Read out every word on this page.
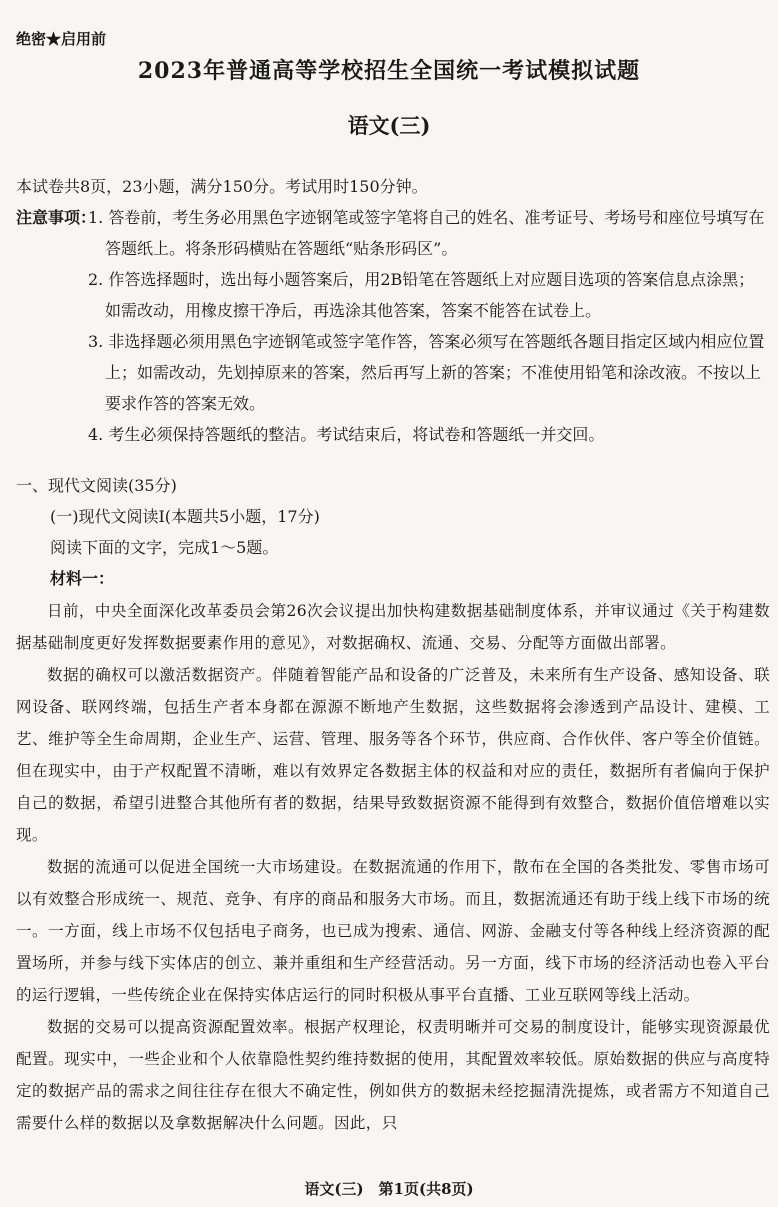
绝密★启用前
2023年普通高等学校招生全国统一考试模拟试题
语文(三)
本试卷共8页，23小题，满分150分。考试用时150分钟。
注意事项：
1. 答卷前，考生务必用黑色字迹钢笔或签字笔将自己的姓名、准考证号、考场号和座位号填写在答题纸上。将条形码横贴在答题纸“贴条形码区”。
2. 作答选择题时，选出每小题答案后，用2B铅笔在答题纸上对应题目选项的答案信息点涂黑；如需改动，用橡皮擦干净后，再选涂其他答案，答案不能答在试卷上。
3. 非选择题必须用黑色字迹钢笔或签字笔作答，答案必须写在答题纸各题目指定区域内相应位置上；如需改动，先划掉原来的答案，然后再写上新的答案；不准使用铅笔和涂改液。不按以上要求作答的答案无效。
4. 考生必须保持答题纸的整洁。考试结束后，将试卷和答题纸一并交回。
一、现代文阅读(35分)
(一)现代文阅读Ⅰ(本题共5小题，17分)
阅读下面的文字，完成1～5题。
材料一：

日前，中央全面深化改革委员会第26次会议提出加快构建数据基础制度体系，并审议通过《关于构建数据基础制度更好发挥数据要素作用的意见》，对数据确权、流通、交易、分配等方面做出部署。

数据的确权可以激活数据资产。伴随着智能产品和设备的广泛普及，未来所有生产设备、感知设备、联网设备、联网终端，包括生产者本身都在源源不断地产生数据，这些数据将会渗透到产品设计、建模、工艺、维护等全生命周期，企业生产、运营、管理、服务等各个环节，供应商、合作伙伴、客户等全价值链。但在现实中，由于产权配置不清晰，难以有效界定各数据主体的权益和对应的责任，数据所有者偏向于保护自己的数据，希望引进整合其他所有者的数据，结果导致数据资源不能得到有效整合，数据价值倍增难以实现。

数据的流通可以促进全国统一大市场建设。在数据流通的作用下，散布在全国的各类批发、零售市场可以有效整合形成统一、规范、竞争、有序的商品和服务大市场。而且，数据流通还有助于线上线下市场的统一。一方面，线上市场不仅包括电子商务，也已成为搜索、通信、网游、金融支付等各种线上经济资源的配置场所，并参与线下实体店的创立、兼并重组和生产经营活动。另一方面，线下市场的经济活动也卷入平台的运行逻辑，一些传统企业在保持实体店运行的同时积极从事平台直播、工业互联网等线上活动。

数据的交易可以提高资源配置效率。根据产权理论，权责明晰并可交易的制度设计，能够实现资源最优配置。现实中，一些企业和个人依靠隐性契约维持数据的使用，其配置效率较低。原始数据的供应与高度特定的数据产品的需求之间往往存在很大不确定性，例如供方的数据未经挖掘清洗提炼，或者需方不知道自己需要什么样的数据以及拿数据解决什么问题。因此，只

语文(三)　第1页(共8页)
